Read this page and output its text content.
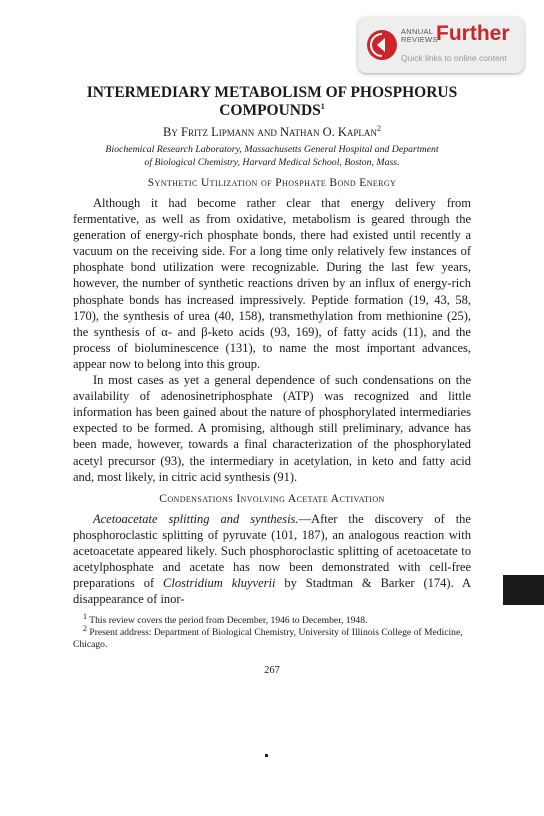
ANNUAL
REVIEWS
Further
Quick links to online content
INTERMEDIARY METABOLISM OF PHOSPHORUS
COMPOUNDS$^1$
By Fritz Lipmann and Nathan O. Kaplan$^2$
Biochemical Research Laboratory, Massachusetts General Hospital and Department
of Biological Chemistry, Harvard Medical School, Boston, Mass.
Synthetic Utilization of Phosphate Bond Energy

Although it had become rather clear that energy delivery from fermentative, as well as from oxidative, metabolism is geared through the generation of energy-rich phosphate bonds, there had existed until recently a vacuum on the receiving side. For a long time only relatively few instances of phosphate bond utilization were recognizable. During the last few years, however, the number of synthetic reactions driven by an influx of energy-rich phosphate bonds has increased impressively. Peptide formation (19, 43, 58, 170), the synthesis of urea (40, 158), transmethylation from methionine (25), the synthesis of α- and β-keto acids (93, 169), of fatty acids (11), and the process of bioluminescence (131), to name the most important advances, appear now to belong into this group.

In most cases as yet a general dependence of such condensations on the availability of adenosinetriphosphate (ATP) was recognized and little information has been gained about the nature of phosphorylated intermediaries expected to be formed. A promising, although still preliminary, advance has been made, however, towards a final characterization of the phosphorylated acetyl precursor (93), the intermediary in acetylation, in keto and fatty acid and, most likely, in citric acid synthesis (91).

Condensations Involving Acetate Activation

Acetoacetate splitting and synthesis.—After the discovery of the phosphoroclastic splitting of pyruvate (101, 187), an analogous reaction with acetoacetate appeared likely. Such phosphoroclastic splitting of acetoacetate to acetylphosphate and acetate has now been demonstrated with cell-free preparations of Clostridium kluyverii by Stadtman & Barker (174). A disappearance of inor-

$^1$ This review covers the period from December, 1946 to December, 1948.

$^2$ Present address: Department of Biological Chemistry, University of Illinois College of Medicine, Chicago.

267
